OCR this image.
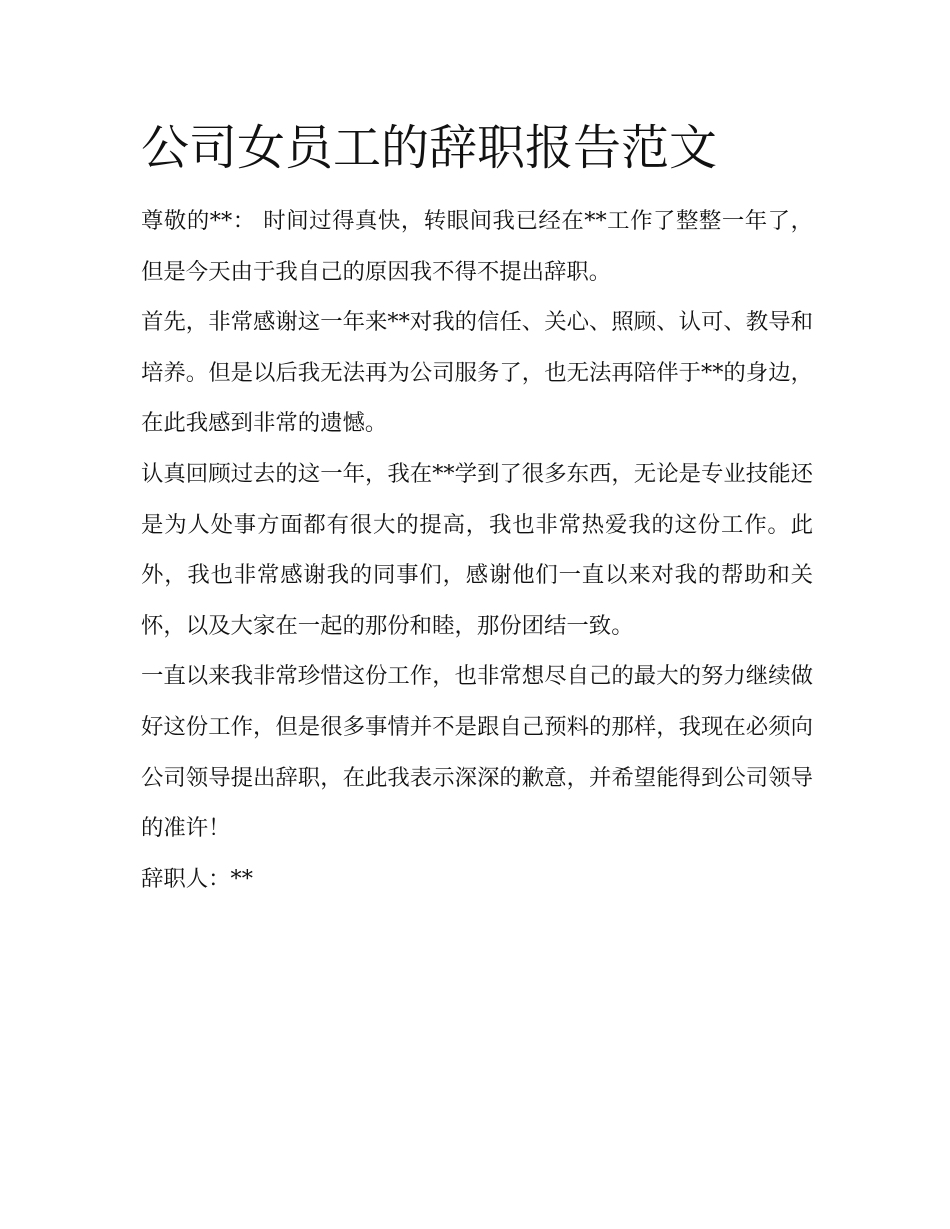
公司女员工的辞职报告范文

尊敬的**： 时间过得真快，转眼间我已经在**工作了整整一年了，但是今天由于我自己的原因我不得不提出辞职。

首先，非常感谢这一年来**对我的信任、关心、照顾、认可、教导和培养。但是以后我无法再为公司服务了，也无法再陪伴于**的身边，在此我感到非常的遗憾。

认真回顾过去的这一年，我在**学到了很多东西，无论是专业技能还是为人处事方面都有很大的提高，我也非常热爱我的这份工作。此外，我也非常感谢我的同事们，感谢他们一直以来对我的帮助和关怀，以及大家在一起的那份和睦，那份团结一致。

一直以来我非常珍惜这份工作，也非常想尽自己的最大的努力继续做好这份工作，但是很多事情并不是跟自己预料的那样，我现在必须向公司领导提出辞职，在此我表示深深的歉意，并希望能得到公司领导的准许！

辞职人：**
